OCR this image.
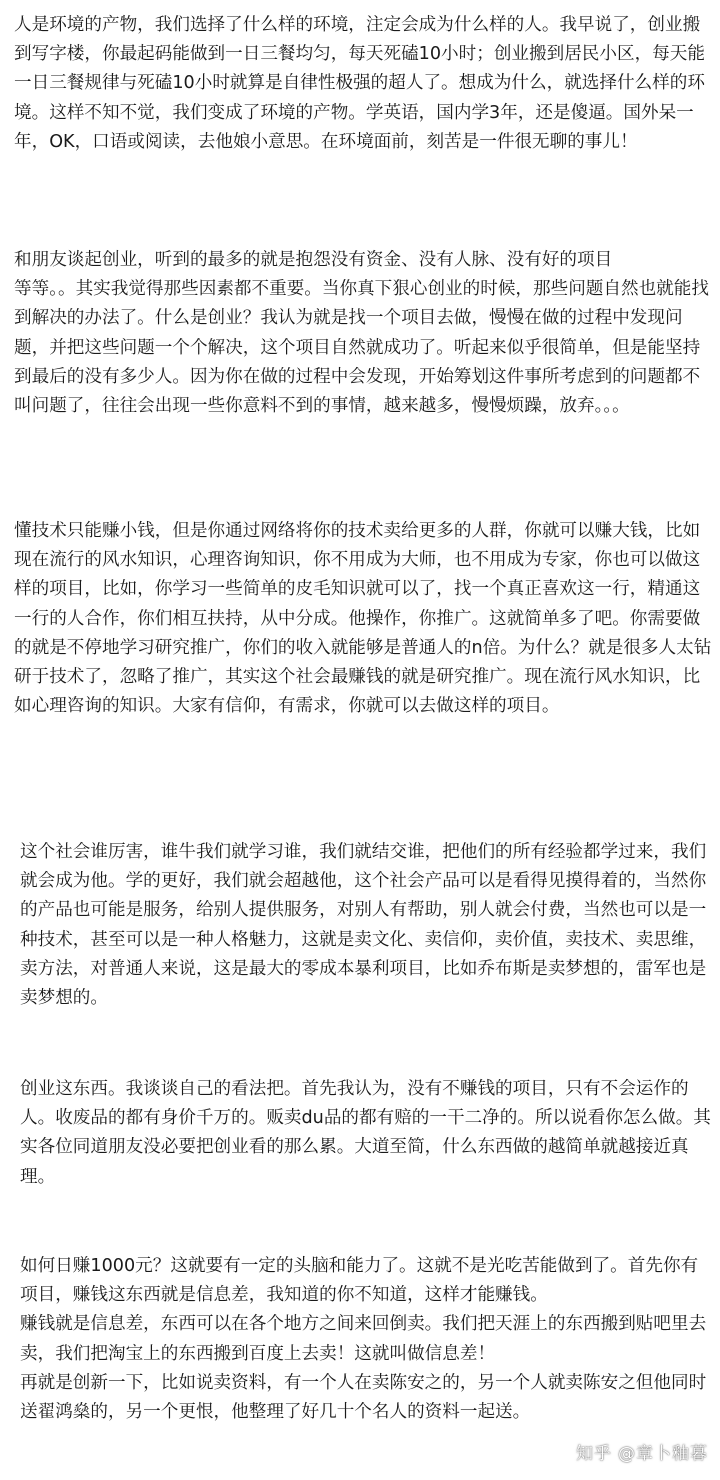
人是环境的产物，我们选择了什么样的环境，注定会成为什么样的人。我早说了，创业搬到写字楼，你最起码能做到一日三餐均匀，每天死磕10小时；创业搬到居民小区，每天能一日三餐规律与死磕10小时就算是自律性极强的超人了。想成为什么，就选择什么样的环境。这样不知不觉，我们变成了环境的产物。学英语，国内学3年，还是傻逼。国外呆一年，OK，口语或阅读，去他娘小意思。在环境面前，刻苦是一件很无聊的事儿！
和朋友谈起创业，听到的最多的就是抱怨没有资金、没有人脉、没有好的项目
等等。。其实我觉得那些因素都不重要。当你真下狠心创业的时候，那些问题自然也就能找到解决的办法了。什么是创业？我认为就是找一个项目去做，慢慢在做的过程中发现问题，并把这些问题一个个解决，这个项目自然就成功了。听起来似乎很简单，但是能坚持到最后的没有多少人。因为你在做的过程中会发现，开始筹划这件事所考虑到的问题都不叫问题了，往往会出现一些你意料不到的事情，越来越多，慢慢烦躁，放弃。。。
懂技术只能赚小钱，但是你通过网络将你的技术卖给更多的人群，你就可以赚大钱，比如现在流行的风水知识，心理咨询知识，你不用成为大师，也不用成为专家，你也可以做这样的项目，比如，你学习一些简单的皮毛知识就可以了，找一个真正喜欢这一行，精通这一行的人合作，你们相互扶持，从中分成。他操作，你推广。这就简单多了吧。你需要做的就是不停地学习研究推广，你们的收入就能够是普通人的n倍。为什么？就是很多人太钻研于技术了，忽略了推广，其实这个社会最赚钱的就是研究推广。现在流行风水知识，比如心理咨询的知识。大家有信仰，有需求，你就可以去做这样的项目。
这个社会谁厉害，谁牛我们就学习谁，我们就结交谁，把他们的所有经验都学过来，我们就会成为他。学的更好，我们就会超越他，这个社会产品可以是看得见摸得着的，当然你的产品也可能是服务，给别人提供服务，对别人有帮助，别人就会付费，当然也可以是一种技术，甚至可以是一种人格魅力，这就是卖文化、卖信仰，卖价值，卖技术、卖思维，卖方法，对普通人来说，这是最大的零成本暴利项目，比如乔布斯是卖梦想的，雷军也是卖梦想的。
创业这东西。我谈谈自己的看法把。首先我认为，没有不赚钱的项目，只有不会运作的人。收废品的都有身价千万的。贩卖du品的都有赔的一干二净的。所以说看你怎么做。其实各位同道朋友没必要把创业看的那么累。大道至简，什么东西做的越简单就越接近真理。
如何日赚1000元？这就要有一定的头脑和能力了。这就不是光吃苦能做到了。首先你有项目，赚钱这东西就是信息差，我知道的你不知道，这样才能赚钱。
赚钱就是信息差，东西可以在各个地方之间来回倒卖。我们把天涯上的东西搬到贴吧里去卖，我们把淘宝上的东西搬到百度上去卖！这就叫做信息差！
再就是创新一下，比如说卖资料，有一个人在卖陈安之的，另一个人就卖陈安之但他同时送翟鸿燊的，另一个更恨，他整理了好几十个名人的资料一起送。
知乎 @章卜釉暮
